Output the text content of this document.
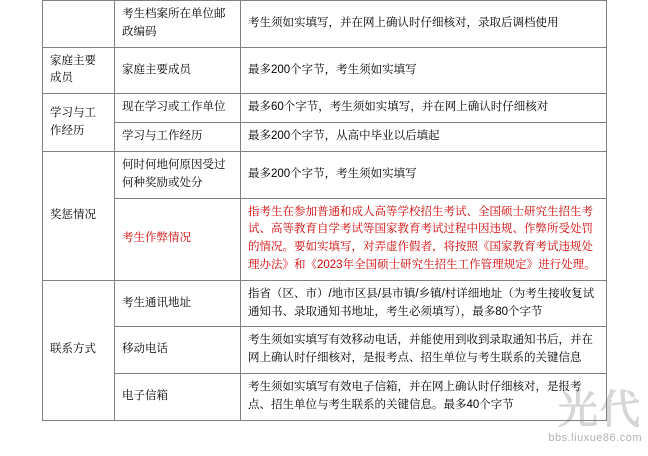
	考生档案所在单位邮政编码	考生须如实填写，并在网上确认时仔细核对，录取后调档使用
家庭主要成员	家庭主要成员	最多200个字节，考生须如实填写
学习与工作经历	现在学习或工作单位	最多60个字节，考生须如实填写，并在网上确认时仔细核对
	学习与工作经历	最多200个字节，从高中毕业以后填起
奖惩情况	何时何地何原因受过何种奖励或处分	最多200个字节，考生须如实填写
	考生作弊情况	指考生在参加普通和成人高等学校招生考试、全国硕士研究生招生考试、高等教育自学考试等国家教育考试过程中因违规、作弊所受处罚的情况。要如实填写，对弄虚作假者，将按照《国家教育考试违规处理办法》和《2023年全国硕士研究生招生工作管理规定》进行处理。
联系方式	考生通讯地址	指省（区、市）/地市区县/县市镇/乡镇/村详细地址（为考生接收复试通知书、录取通知书地址，考生必须填写），最多80个字节
	移动电话	考生须如实填写有效移动电话，并能使用到收到录取通知书后，并在网上确认时仔细核对，是报考点、招生单位与考生联系的关键信息
	电子信箱	考生须如实填写有效电子信箱，并在网上确认时仔细核对，是报考点、招生单位与考生联系的关键信息。最多40个字节 光代
bbs.liuxue86.com
